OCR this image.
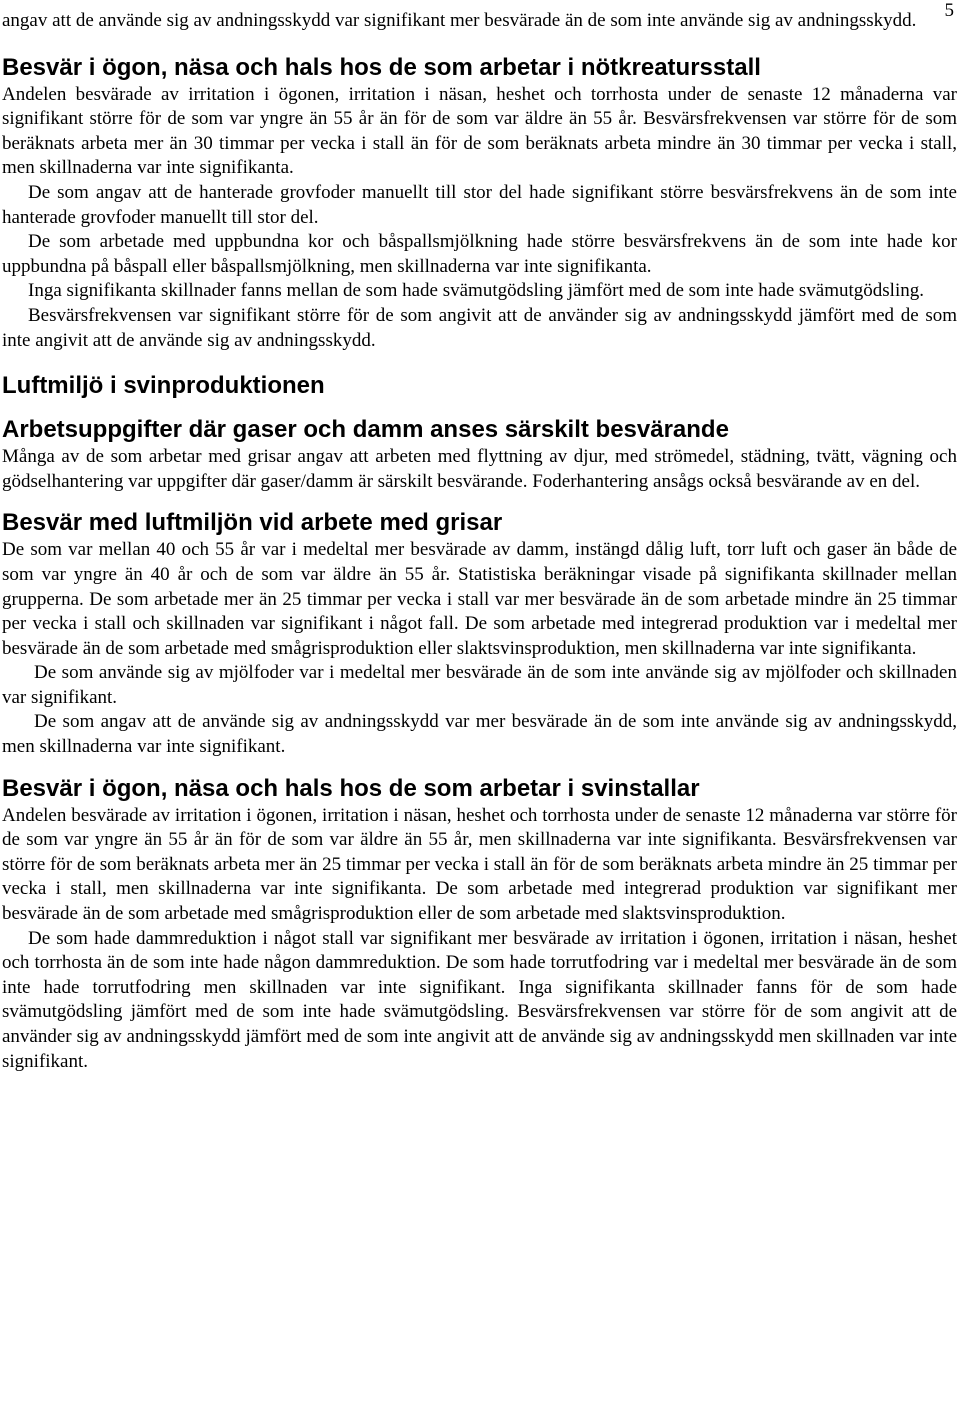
5

angav att de använde sig av andningsskydd var signifikant mer besvärade än de som inte använde sig av andningsskydd.

Besvär i ögon, näsa och hals hos de som arbetar i nötkreatursstall

Andelen besvärade av irritation i ögonen, irritation i näsan, heshet och torrhosta under de senaste 12 månaderna var signifikant större för de som var yngre än 55 år än för de som var äldre än 55 år. Besvärsfrekvensen var större för de som beräknats arbeta mer än 30 timmar per vecka i stall än för de som beräknats arbeta mindre än 30 timmar per vecka i stall, men skillnaderna var inte signifikanta.

De som angav att de hanterade grovfoder manuellt till stor del hade signifikant större besvärsfrekvens än de som inte hanterade grovfoder manuellt till stor del.

De som arbetade med uppbundna kor och båspallsmjölkning hade större besvärsfrekvens än de som inte hade kor uppbundna på båspall eller båspallsmjölkning, men skillnaderna var inte signifikanta.

Inga signifikanta skillnader fanns mellan de som hade svämutgödsling jämfört med de som inte hade svämutgödsling.

Besvärsfrekvensen var signifikant större för de som angivit att de använder sig av andningsskydd jämfört med de som inte angivit att de använde sig av andningsskydd.

Luftmiljö i svinproduktionen
Arbetsuppgifter där gaser och damm anses särskilt besvärande

Många av de som arbetar med grisar angav att arbeten med flyttning av djur, med strömedel, städning, tvätt, vägning och gödselhantering var uppgifter där gaser/damm är särskilt besvärande. Foderhantering ansågs också besvärande av en del.

Besvär med luftmiljön vid arbete med grisar

De som var mellan 40 och 55 år var i medeltal mer besvärade av damm, instängd dålig luft, torr luft och gaser än både de som var yngre än 40 år och de som var äldre än 55 år. Statistiska beräkningar visade på signifikanta skillnader mellan grupperna. De som arbetade mer än 25 timmar per vecka i stall var mer besvärade än de som arbetade mindre än 25 timmar per vecka i stall och skillnaden var signifikant i något fall. De som arbetade med integrerad produktion var i medeltal mer besvärade än de som arbetade med smågrisproduktion eller slaktsvinsproduktion, men skillnaderna var inte signifikanta.

De som använde sig av mjölfoder var i medeltal mer besvärade än de som inte använde sig av mjölfoder och skillnaden var signifikant.

De som angav att de använde sig av andningsskydd var mer besvärade än de som inte använde sig av andningsskydd, men skillnaderna var inte signifikant.

Besvär i ögon, näsa och hals hos de som arbetar i svinstallar

Andelen besvärade av irritation i ögonen, irritation i näsan, heshet och torrhosta under de senaste 12 månaderna var större för de som var yngre än 55 år än för de som var äldre än 55 år, men skillnaderna var inte signifikanta. Besvärsfrekvensen var större för de som beräknats arbeta mer än 25 timmar per vecka i stall än för de som beräknats arbeta mindre än 25 timmar per vecka i stall, men skillnaderna var inte signifikanta. De som arbetade med integrerad produktion var signifikant mer besvärade än de som arbetade med smågrisproduktion eller de som arbetade med slaktsvinsproduktion.

De som hade dammreduktion i något stall var signifikant mer besvärade av irritation i ögonen, irritation i näsan, heshet och torrhosta än de som inte hade någon dammreduktion. De som hade torrutfodring var i medeltal mer besvärade än de som inte hade torrutfodring men skillnaden var inte signifikant. Inga signifikanta skillnader fanns för de som hade svämutgödsling jämfört med de som inte hade svämutgödsling. Besvärsfrekvensen var större för de som angivit att de använder sig av andningsskydd jämfört med de som inte angivit att de använde sig av andningsskydd men skillnaden var inte signifikant.
